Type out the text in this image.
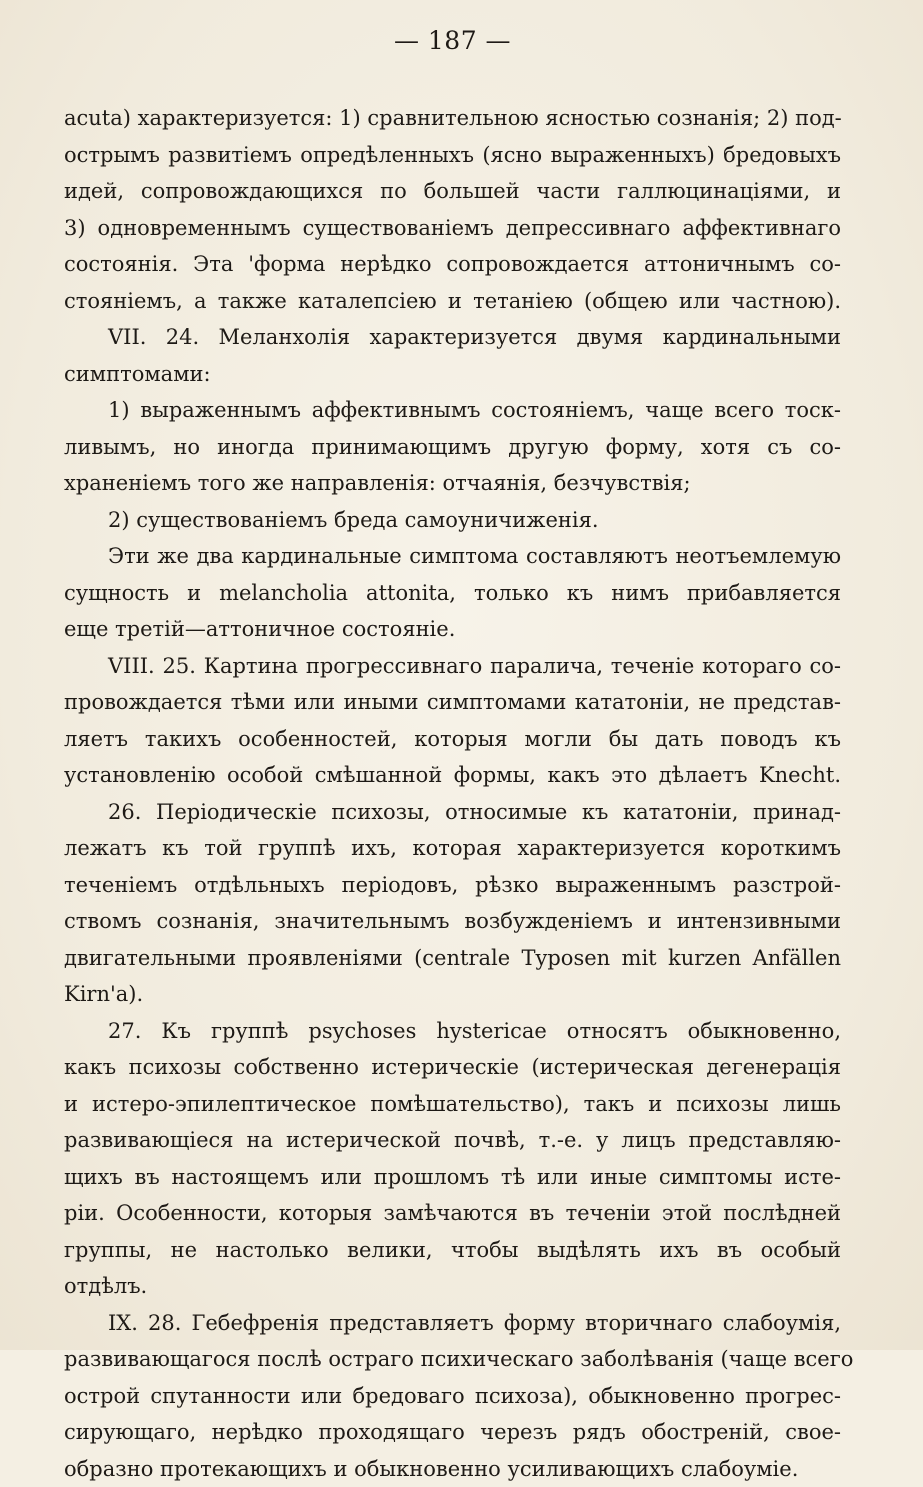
— 187 —

acuta) характеризуется: 1) сравнительною ясностью сознанія; 2) под-
острымъ развитіемъ опредѣленныхъ (ясно выраженныхъ) бредовыхъ
идей, сопровождающихся по большей части галлюцинаціями, и
3) одновременнымъ существованіемъ депрессивнаго аффективнаго
состоянія. Эта 'форма нерѣдко сопровождается аттоничнымъ со-
стояніемъ, а также каталепсіею и тетаніею (общею или частною).

VII. 24. Меланхолія характеризуется двумя кардинальными
симптомами:

1) выраженнымъ аффективнымъ состояніемъ, чаще всего тоск-
ливымъ, но иногда принимающимъ другую форму, хотя съ со-
храненіемъ того же направленія: отчаянія, безчувствія;

2) существованіемъ бреда самоуничиженія.

Эти же два кардинальные симптома составляютъ неотъемлемую
сущность и melancholia attonita, только къ нимъ прибавляется
еще третій—аттоничное состояніе.

VIII. 25. Картина прогрессивнаго паралича, теченіе котораго со-
провождается тѣми или иными симптомами кататоніи, не представ-
ляетъ такихъ особенностей, которыя могли бы дать поводъ къ
установленію особой смѣшанной формы, какъ это дѣлаетъ Knecht.

26. Періодическіе психозы, относимые къ кататоніи, принад-
лежатъ къ той группѣ ихъ, которая характеризуется короткимъ
теченіемъ отдѣльныхъ періодовъ, рѣзко выраженнымъ разстрой-
ствомъ сознанія, значительнымъ возбужденіемъ и интензивными
двигательными проявленіями (centrale Typosen mit kurzen Anfällen
Kirn'a).

27. Къ группѣ psychoses hystericae относятъ обыкновенно,
какъ психозы собственно истерическіе (истерическая дегенерація
и истеро-эпилептическое помѣшательство), такъ и психозы лишь
развивающіеся на истерической почвѣ, т.-е. у лицъ представляю-
щихъ въ настоящемъ или прошломъ тѣ или иные симптомы исте-
ріи. Особенности, которыя замѣчаются въ теченіи этой послѣдней
группы, не настолько велики, чтобы выдѣлять ихъ въ особый
отдѣлъ.

IX. 28. Гебефренія представляетъ форму вторичнаго слабоумія,
развивающагося послѣ остраго психическаго заболѣванія (чаще всего
острой спутанности или бредоваго психоза), обыкновенно прогрес-
сирующаго, нерѣдко проходящаго черезъ рядъ обостреній, свое-
образно протекающихъ и обыкновенно усиливающихъ слабоуміе.
